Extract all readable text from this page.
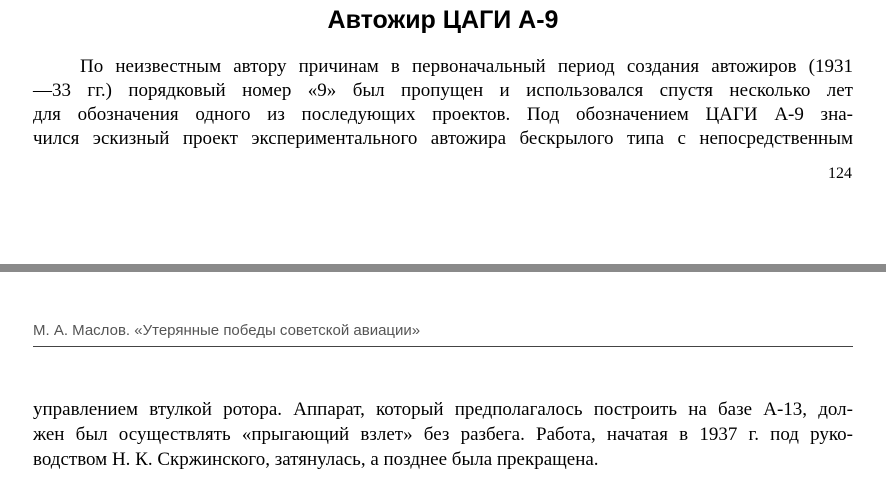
Автожир ЦАГИ А-9
По неизвестным автору причинам в первоначальный период создания автожиров (1931
—33 гг.) порядковый номер «9» был пропущен и использовался спустя несколько лет
для обозначения одного из последующих проектов. Под обозначением ЦАГИ А-9 зна-
чился эскизный проект экспериментального автожира бескрылого типа с непосредственным
124
М. А. Маслов. «Утерянные победы советской авиации»
управлением втулкой ротора. Аппарат, который предполагалось построить на базе А-13, дол-
жен был осуществлять «прыгающий взлет» без разбега. Работа, начатая в 1937 г. под руко-
водством Н. К. Скржинского, затянулась, а позднее была прекращена.
